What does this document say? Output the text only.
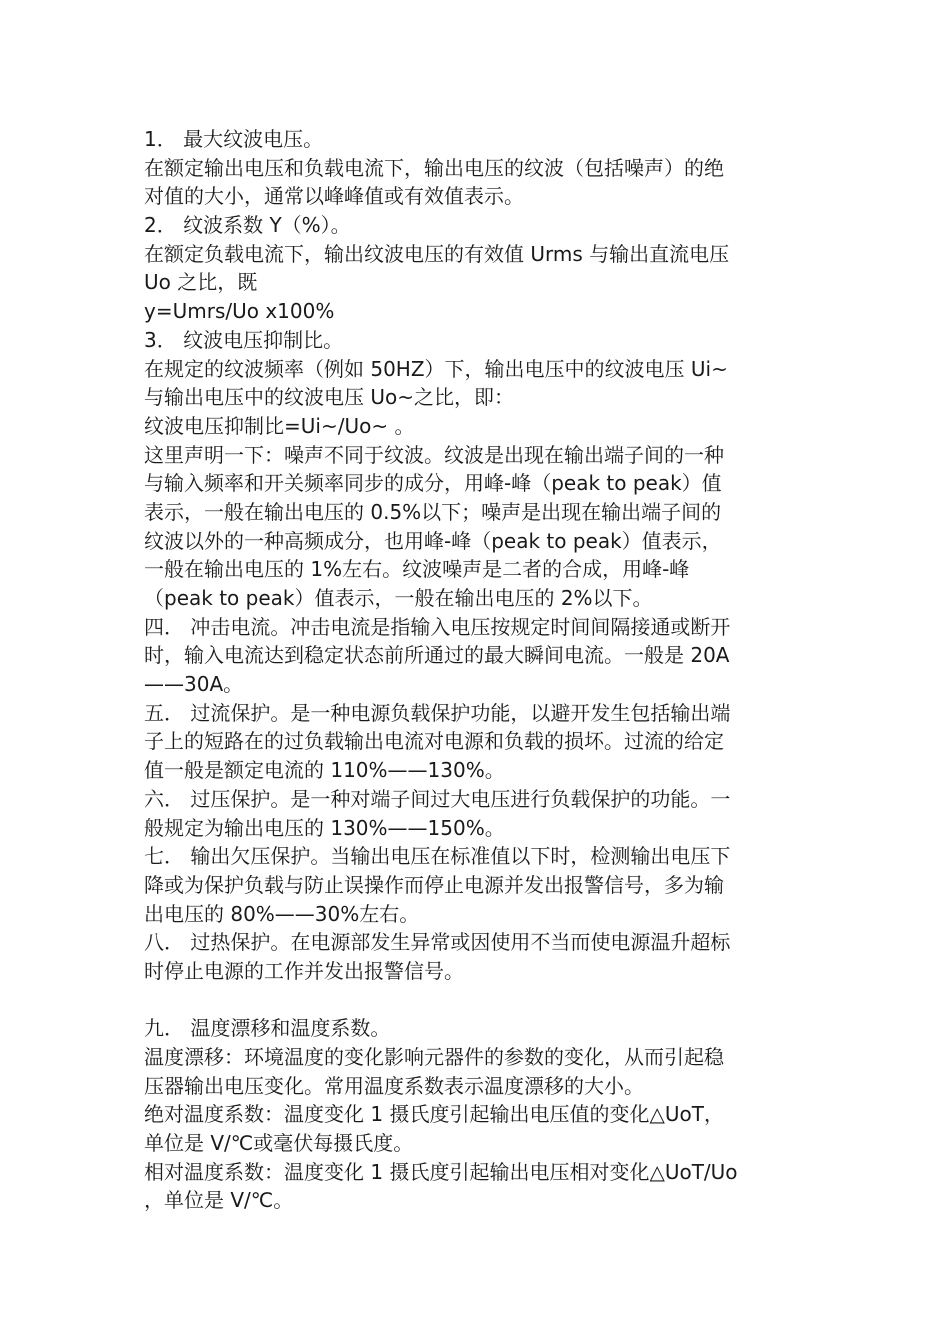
1． 最大纹波电压。
在额定输出电压和负载电流下，输出电压的纹波（包括噪声）的绝
对值的大小，通常以峰峰值或有效值表示。
2． 纹波系数 Y（%）。
在额定负载电流下，输出纹波电压的有效值 Urms 与输出直流电压
Uo 之比，既
y=Umrs/Uo x100%
3． 纹波电压抑制比。
在规定的纹波频率（例如 50HZ）下，输出电压中的纹波电压 Ui~
与输出电压中的纹波电压 Uo~之比，即：
纹波电压抑制比=Ui~/Uo~ 。
这里声明一下：噪声不同于纹波。纹波是出现在输出端子间的一种
与输入频率和开关频率同步的成分，用峰-峰（peak to peak）值
表示，一般在输出电压的 0.5%以下；噪声是出现在输出端子间的
纹波以外的一种高频成分，也用峰-峰（peak to peak）值表示，
一般在输出电压的 1%左右。纹波噪声是二者的合成，用峰-峰
（peak to peak）值表示，一般在输出电压的 2%以下。
四． 冲击电流。冲击电流是指输入电压按规定时间间隔接通或断开
时，输入电流达到稳定状态前所通过的最大瞬间电流。一般是 20A
——30A。
五． 过流保护。是一种电源负载保护功能，以避开发生包括输出端
子上的短路在的过负载输出电流对电源和负载的损坏。过流的给定
值一般是额定电流的 110%——130%。
六． 过压保护。是一种对端子间过大电压进行负载保护的功能。一
般规定为输出电压的 130%——150%。
七． 输出欠压保护。当输出电压在标准值以下时，检测输出电压下
降或为保护负载与防止误操作而停止电源并发出报警信号，多为输
出电压的 80%——30%左右。
八． 过热保护。在电源部发生异常或因使用不当而使电源温升超标
时停止电源的工作并发出报警信号。
九． 温度漂移和温度系数。
温度漂移：环境温度的变化影响元器件的参数的变化，从而引起稳
压器输出电压变化。常用温度系数表示温度漂移的大小。
绝对温度系数：温度变化 1 摄氏度引起输出电压值的变化△UoT，
单位是 V/℃或毫伏每摄氏度。
相对温度系数：温度变化 1 摄氏度引起输出电压相对变化△UoT/Uo
，单位是 V/℃。
